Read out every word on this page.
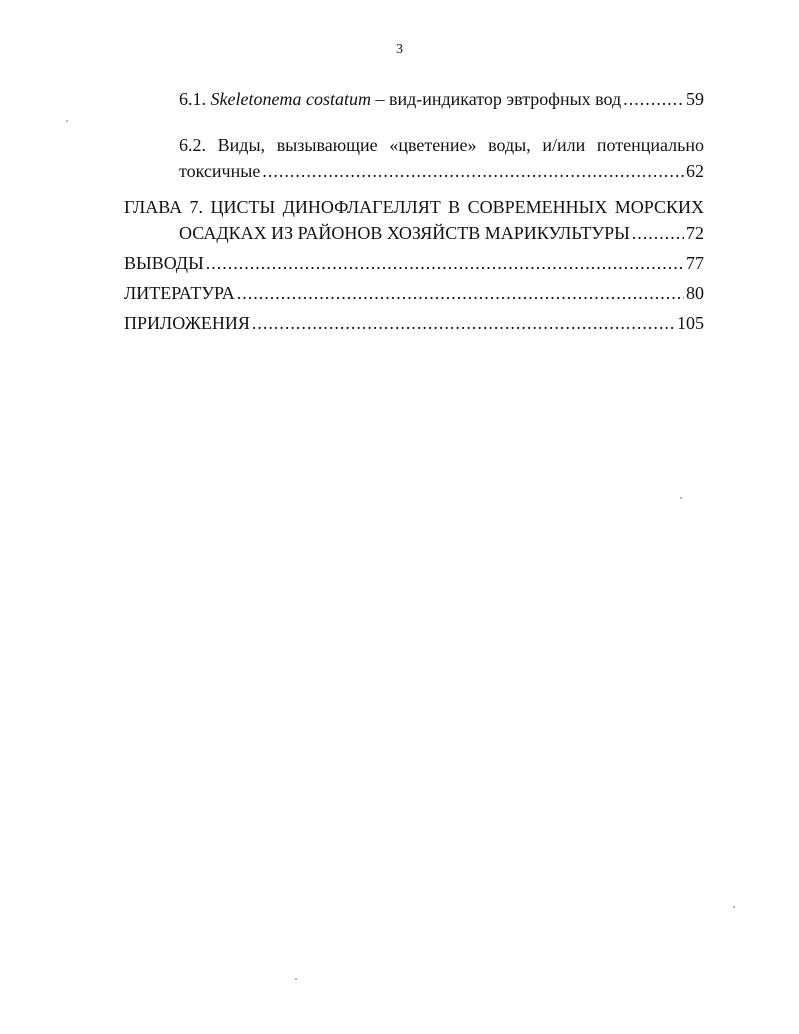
3
6.1. Skeletonema costatum – вид-индикатор эвтрофных вод .....	59
6.2. Виды, вызывающие «цветение» воды, и/или потенциально
токсичные .....	62
ГЛАВА 7. ЦИСТЫ ДИНОФЛАГЕЛЛЯТ В СОВРЕМЕННЫХ МОРСКИХ
ОСАДКАХ ИЗ РАЙОНОВ ХОЗЯЙСТВ МАРИКУЛЬТУРЫ .....	72
ВЫВОДЫ .....	77
ЛИТЕРАТУРА .....	80
ПРИЛОЖЕНИЯ .....	105
